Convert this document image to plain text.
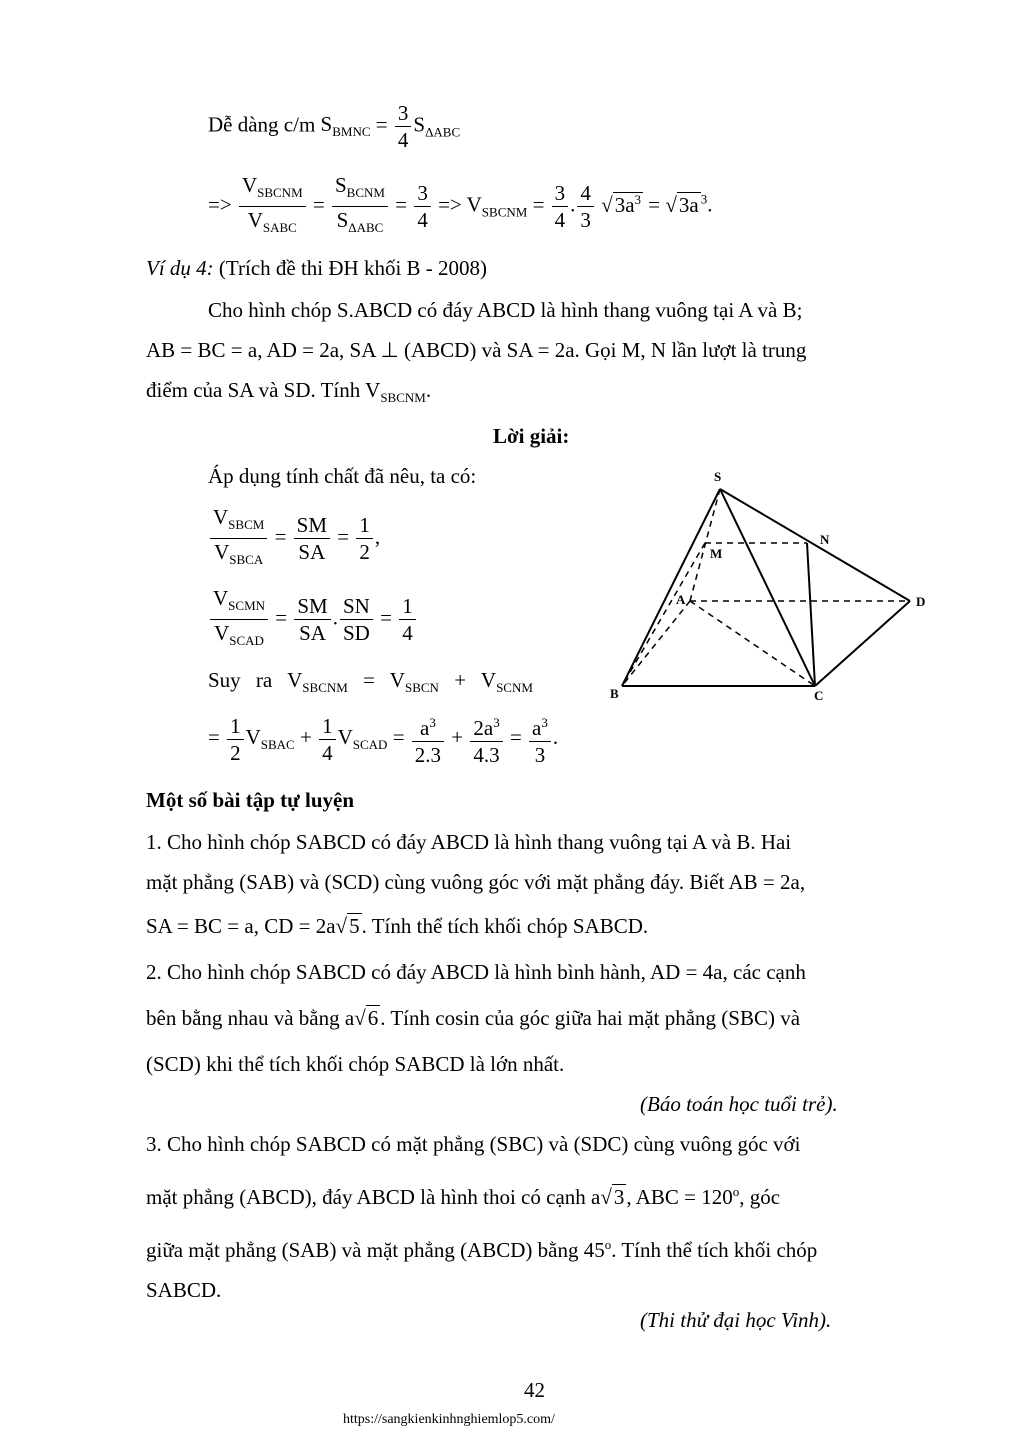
Dễ dàng c/m $S_{BMNC} = \frac{3}{4} S_{\Delta ABC}$
=> $\frac{V_{SBCNM}}{V_{SABC}} = \frac{S_{BCNM}}{S_{\Delta ABC}} = \frac{3}{4} => V_{SBCNM} = \frac{3}{4}$ . $\frac{4}{3} √3a^3 = √3a$ $^3$.
Ví dụ 4: (Trích đề thi ĐH khối B - 2008)
Cho hình chóp S.ABCD có đáy ABCD là hình thang vuông tại A và B;
AB = BC = a, AD = 2a, SA ⊥ (ABCD) và SA = 2a. Gọi M, N lần lượt là trung
điểm của SA và SD. Tính $V_{SBCNM}$.
Lời giải:
Áp dụng tính chất đã nêu, ta có:
$\frac{V_{SBCM}}{V_{SBCA}} = \frac{SM}{SA} = \frac{1}{2}$ ,
$\frac{V_{SCMN}}{V_{SCAD}} = \frac{SM}{SA}$ . $\frac{SN}{SD} = \frac{1}{4}$
Suy ra $V_{SBCNM} = V_{SBCN} + V_{SCNM}$
= $\frac{1}{2} V_{SBAC} + \frac{1}{4} V_{SCAD} = \frac{a^3}{2.3} + \frac{2a^3}{4.3} = \frac{a^3}{3}$ .
S
M
N
A	D
B	C
Một số bài tập tự luyện
1. Cho hình chóp SABCD có đáy ABCD là hình thang vuông tại A và B. Hai
mặt phẳng (SAB) và (SCD) cùng vuông góc với mặt phẳng đáy. Biết AB = 2a,
SA = BC = a, CD = 2a√5. Tính thể tích khối chóp SABCD.
2. Cho hình chóp SABCD có đáy ABCD là hình bình hành, AD = 4a, các cạnh
bên bằng nhau và bằng a√6. Tính cosin của góc giữa hai mặt phẳng (SBC) và
(SCD) khi thể tích khối chóp SABCD là lớn nhất.
(Báo toán học tuổi trẻ).
3. Cho hình chóp SABCD có mặt phẳng (SBC) và (SDC) cùng vuông góc với
mặt phẳng (ABCD), đáy ABCD là hình thoi có cạnh a√3, ABC = $120^o$, góc
giữa mặt phẳng (SAB) và mặt phẳng (ABCD) bằng 45$^o$. Tính thể tích khối chóp
SABCD.
(Thi thử đại học Vinh).
42
https://sangkienkinhnghiemlop5.com/
